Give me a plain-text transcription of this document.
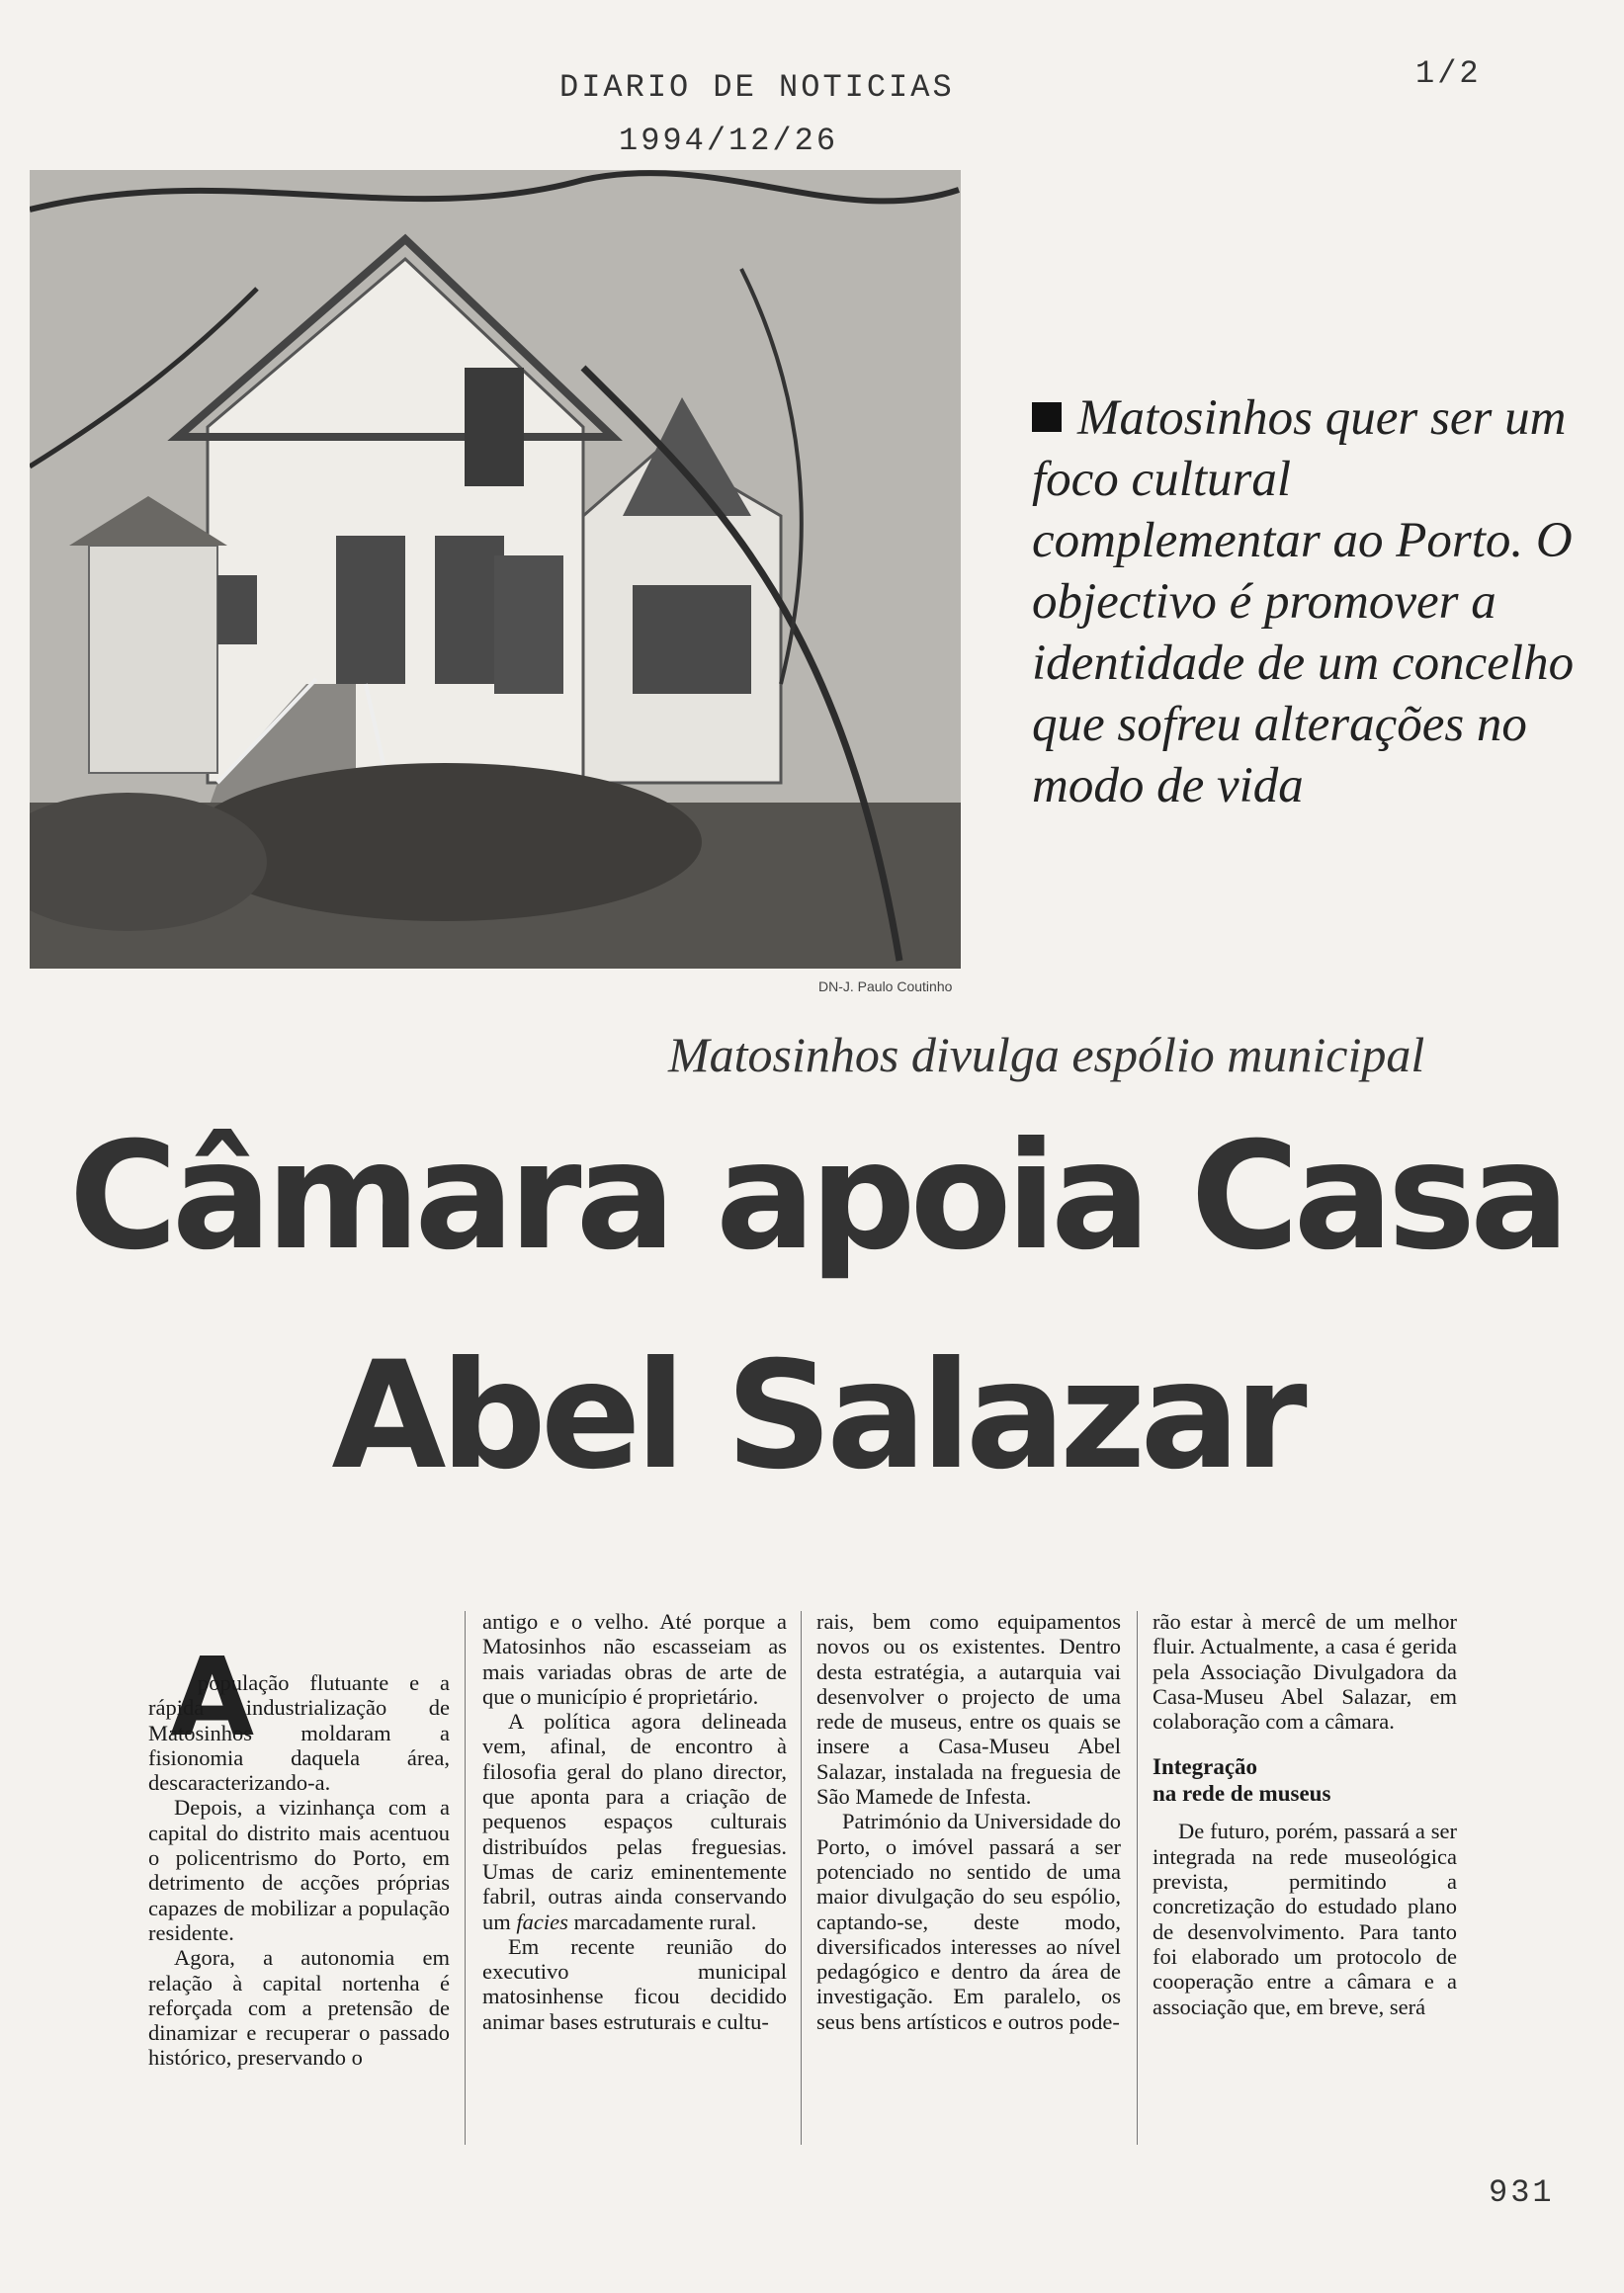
DIARIO DE NOTICIAS
1994/12/26
1/2
DN-J. Paulo Coutinho
Matosinhos quer ser um foco cultural complementar ao Porto. O objectivo é promover a identidade de um concelho que sofreu alterações no modo de vida
Matosinhos divulga espólio municipal
Câmara apoia Casa Abel Salazar
A

população flutuante e a rápida industrialização de Matosinhos moldaram a fisionomia daquela área, descaracterizando-a.

Depois, a vizinhança com a capital do distrito mais acentuou o policentrismo do Porto, em detrimento de acções próprias capazes de mobilizar a população residente.

Agora, a autonomia em relação à capital nortenha é reforçada com a pretensão de dinamizar e recuperar o passado histórico, preservando o

antigo e o velho. Até porque a Matosinhos não escasseiam as mais variadas obras de arte de que o município é proprietário.

A política agora delineada vem, afinal, de encontro à filosofia geral do plano director, que aponta para a criação de pequenos espaços culturais distribuídos pelas freguesias. Umas de cariz eminentemente fabril, outras ainda conservando um facies marcadamente rural.

Em recente reunião do executivo municipal matosinhense ficou decidido animar bases estruturais e cultu-

rais, bem como equipamentos novos ou os existentes. Dentro desta estratégia, a autarquia vai desenvolver o projecto de uma rede de museus, entre os quais se insere a Casa-Museu Abel Salazar, instalada na freguesia de São Mamede de Infesta.

Património da Universidade do Porto, o imóvel passará a ser potenciado no sentido de uma maior divulgação do seu espólio, captando-se, deste modo, diversificados interesses ao nível pedagógico e dentro da área de investigação. Em paralelo, os seus bens artísticos e outros pode-

rão estar à mercê de um melhor fluir. Actualmente, a casa é gerida pela Associação Divulgadora da Casa-Museu Abel Salazar, em colaboração com a câmara.

Integração
na rede de museus

De futuro, porém, passará a ser integrada na rede museológica prevista, permitindo a concretização do estudado plano de desenvolvimento. Para tanto foi elaborado um protocolo de cooperação entre a câmara e a associação que, em breve, será

931
